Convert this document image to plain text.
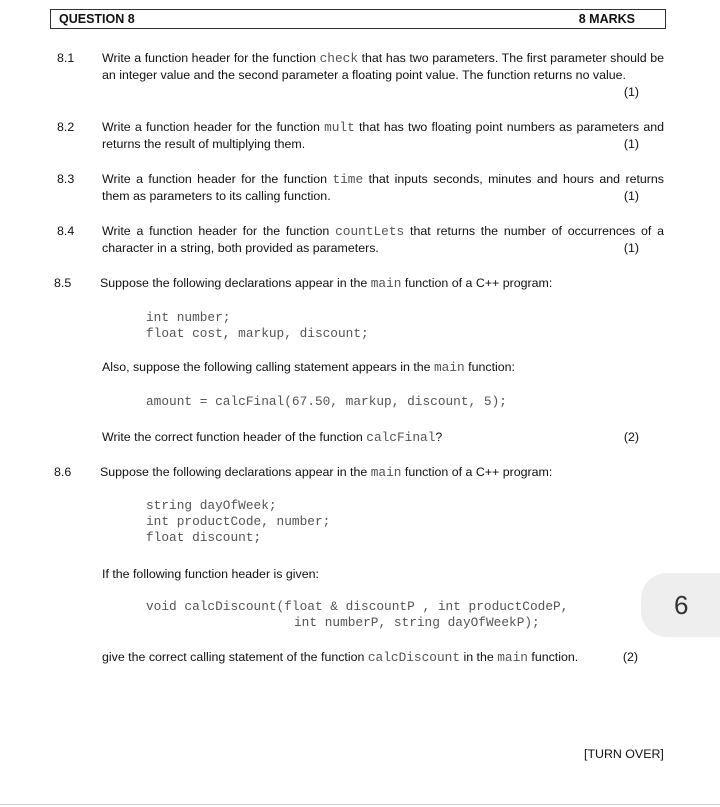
QUESTION 8	8 MARKS
8.1 Write a function header for the function check that has two parameters. The first parameter should be an integer value and the second parameter a floating point value. The function returns no value.
(1)
8.2 Write a function header for the function mult that has two floating point numbers as parameters and returns the result of multiplying them.	(1)
8.3 Write a function header for the function time that inputs seconds, minutes and hours and returns them as parameters to its calling function.	(1)
8.4 Write a function header for the function countLets that returns the number of occurrences of a character in a string, both provided as parameters.	(1)
8.5 Suppose the following declarations appear in the main function of a C++ program:
int number;
float cost, markup, discount;
Also, suppose the following calling statement appears in the main function:
amount = calcFinal(67.50, markup, discount, 5);
Write the correct function header of the function calcFinal?	(2)
8.6 Suppose the following declarations appear in the main function of a C++ program:
string dayOfWeek;
int productCode, number;
float discount;
If the following function header is given:
void calcDiscount(float & discountP , int productCodeP,
int numberP, string dayOfWeekP);
give the correct calling statement of the function calcDiscount in the main function.	(2)
6
[TURN OVER]
